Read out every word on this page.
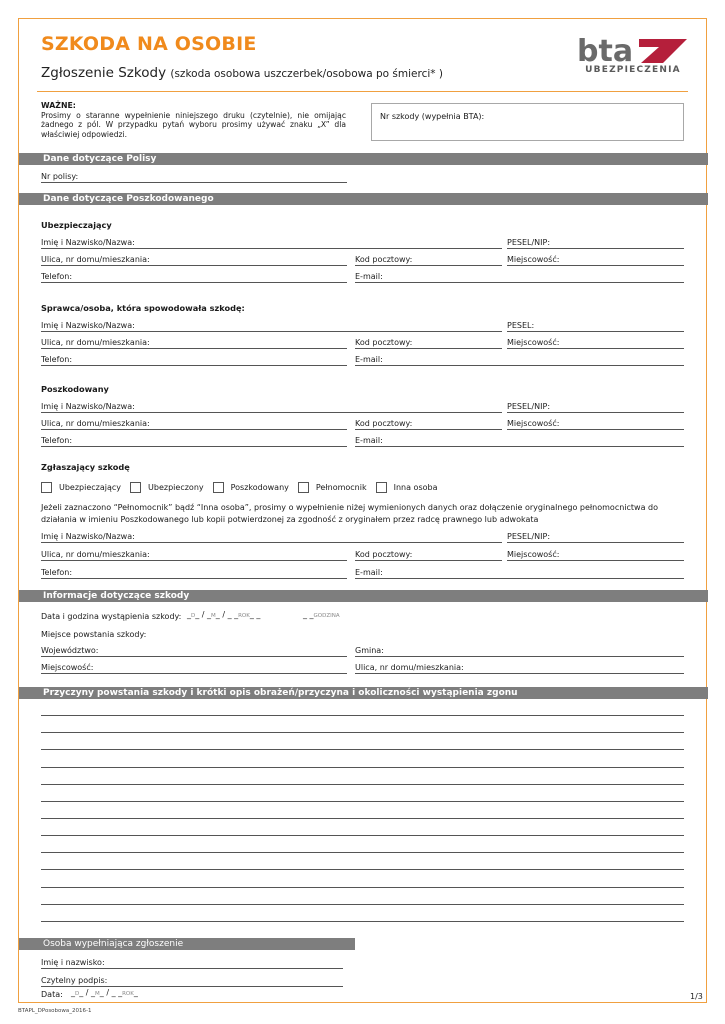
SZKODA NA OSOBIE
Zgłoszenie Szkody (szkoda osobowa uszczerbek/osobowa po śmierci* )
bta
UBEZPIECZENIA
WAŻNE:
Prosimy o staranne wypełnienie niniejszego druku (czytelnie), nie omijając żadnego z pól. W przypadku pytań wyboru prosimy używać znaku „X” dla właściwiej odpowiedzi.
Nr szkody (wypełnia BTA):
Dane dotyczące Polisy
Nr polisy:
Dane dotyczące Poszkodowanego
Ubezpieczający
Imię i Nazwisko/Nazwa:	PESEL/NIP:
Ulica, nr domu/mieszkania:	Kod pocztowy:	Miejscowość:
Telefon:	E-mail:
Sprawca/osoba, która spowodowała szkodę:
Imię i Nazwisko/Nazwa:	PESEL:
Ulica, nr domu/mieszkania:	Kod pocztowy:	Miejscowość:
Telefon:	E-mail:
Poszkodowany
Imię i Nazwisko/Nazwa:	PESEL/NIP:
Ulica, nr domu/mieszkania:	Kod pocztowy:	Miejscowość:
Telefon:	E-mail:
Zgłaszający szkodę
Ubezpieczający	Ubezpieczony	Poszkodowany	Pełnomocnik	Inna osoba
Jeżeli zaznaczono “Pełnomocnik” bądź “Inna osoba”, prosimy o wypełnienie niżej wymienionych danych oraz dołączenie oryginalnego pełnomocnictwa do działania w imieniu Poszkodowanego lub kopii potwierdzonej za zgodność z oryginałem przez radcę prawnego lub adwokata
Imię i Nazwisko/Nazwa:	PESEL/NIP:
Ulica, nr domu/mieszkania:	Kod pocztowy:	Miejscowość:
Telefon:	E-mail:
Informacje dotyczące szkody
Data i godzina wystąpienia szkody: _D_ / _M_ / _ _ROK_ _	_ _GODZINA
Miejsce powstania szkody:
Województwo:	Gmina:
Miejscowość:	Ulica, nr domu/mieszkania:
Przyczyny powstania szkody i krótki opis obrażeń/przyczyna i okoliczności wystąpienia zgonu
Osoba wypełniająca zgłoszenie
Imię i nazwisko:
Czytelny podpis:
Data: _D_ / _M_ / _ _ROK_	1/3
BTAPL_DPosobowa_2016-1
